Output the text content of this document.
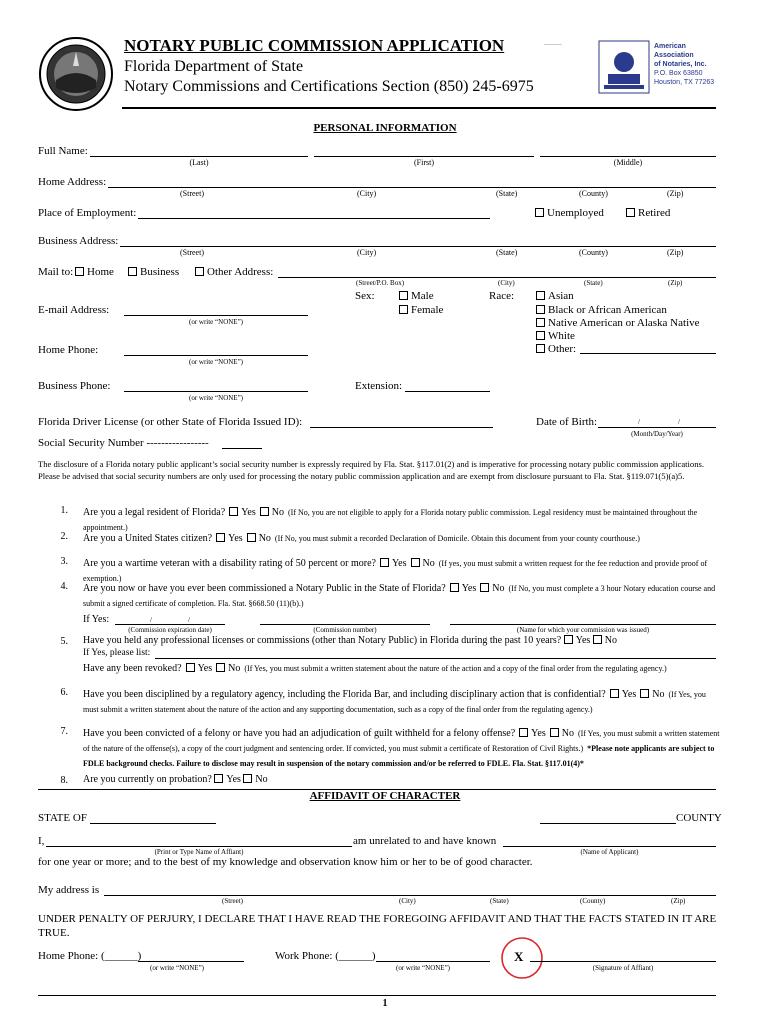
NOTARY PUBLIC COMMISSION APPLICATION
Florida Department of State
Notary Commissions and Certifications Section (850) 245-6975
⎯⎯⎯⎯⎯⎯	American
Association
of Notaries, Inc.
P.O. Box 63850
Houston, TX 77263
PERSONAL INFORMATION
Full Name:
(Last)	(First)	(Middle)
Home Address:
(Street)	(City)	(State)	(County)	(Zip)
Place of Employment:	Unemployed	Retired
Business Address:
(Street)	(City)	(State)	(County)	(Zip)
Mail to:	Home	Business	Other Address:
(Street/P.O. Box)	(City)	(State)	(Zip)
Sex:	Male
Female
Race:	Asian
Black or African American
Native American or Alaska Native
White
Other:
E-mail Address:
(or write “NONE”)
Home Phone:
(or write “NONE”)
Business Phone:
(or write “NONE”)
Extension:
Florida Driver License (or other State of Florida Issued ID):	Date of Birth:	/	/
(Month/Day/Year)
Social Security Number -----------------
The disclosure of a Florida notary public applicant’s social security number is expressly required by Fla. Stat. §117.01(2) and is imperative for processing notary public commission applications. Please be advised that social security numbers are only used for processing the notary public commission application and are exempt from disclosure pursuant to Fla. Stat. §119.071(5)(a)5.
1. Are you a legal resident of Florida? Yes No (If No, you are not eligible to apply for a Florida notary public commission. Legal residency must be maintained throughout the appointment.)
2. Are you a United States citizen? Yes No (If No, you must submit a recorded Declaration of Domicile. Obtain this document from your county courthouse.)
3. Are you a wartime veteran with a disability rating of 50 percent or more? Yes No (If yes, you must submit a written request for the fee reduction and provide proof of exemption.)
4. Are you now or have you ever been commissioned a Notary Public in the State of Florida? Yes No (If No, you must complete a 3 hour Notary education course and submit a signed certificate of completion. Fla. Stat. §668.50 (11)(b).)
If Yes:	/	/
(Commission expiration date)	(Commission number)	(Name for which your commission was issued)
5. Have you held any professional licenses or commissions (other than Notary Public) in Florida during the past 10 years? Yes No
If Yes, please list:
Have any been revoked? Yes No (If Yes, you must submit a written statement about the nature of the action and a copy of the final order from the regulating agency.)
6. Have you been disciplined by a regulatory agency, including the Florida Bar, and including disciplinary action that is confidential? Yes No (If Yes, you must submit a written statement about the nature of the action and any supporting documentation, such as a copy of the final order from the regulating agency.)
7. Have you been convicted of a felony or have you had an adjudication of guilt withheld for a felony offense? Yes No (If Yes, you must submit a written statement of the nature of the offense(s), a copy of the court judgment and sentencing order. If convicted, you must submit a certificate of Restoration of Civil Rights.) *Please note applicants are subject to FDLE background checks. Failure to disclose may result in suspension of the notary commission and/or be referred to FDLE. Fla. Stat. §117.01(4)*
8. Are you currently on probation? Yes No
AFFIDAVIT OF CHARACTER
STATE OF	COUNTY
I,
(Print or Type Name of Affiant)
am unrelated to and have known
(Name of Applicant)
for one year or more; and to the best of my knowledge and observation know him or her to be of good character.
My address is
(Street)	(City)	(State)	(County)	(Zip)
UNDER PENALTY OF PERJURY, I DECLARE THAT I HAVE READ THE FOREGOING AFFIDAVIT AND THAT THE FACTS STATED IN IT ARE TRUE.
Home Phone: (______)
(or write “NONE”)
Work Phone: (______)
(or write “NONE”)
X
(Signature of Affiant)
1
